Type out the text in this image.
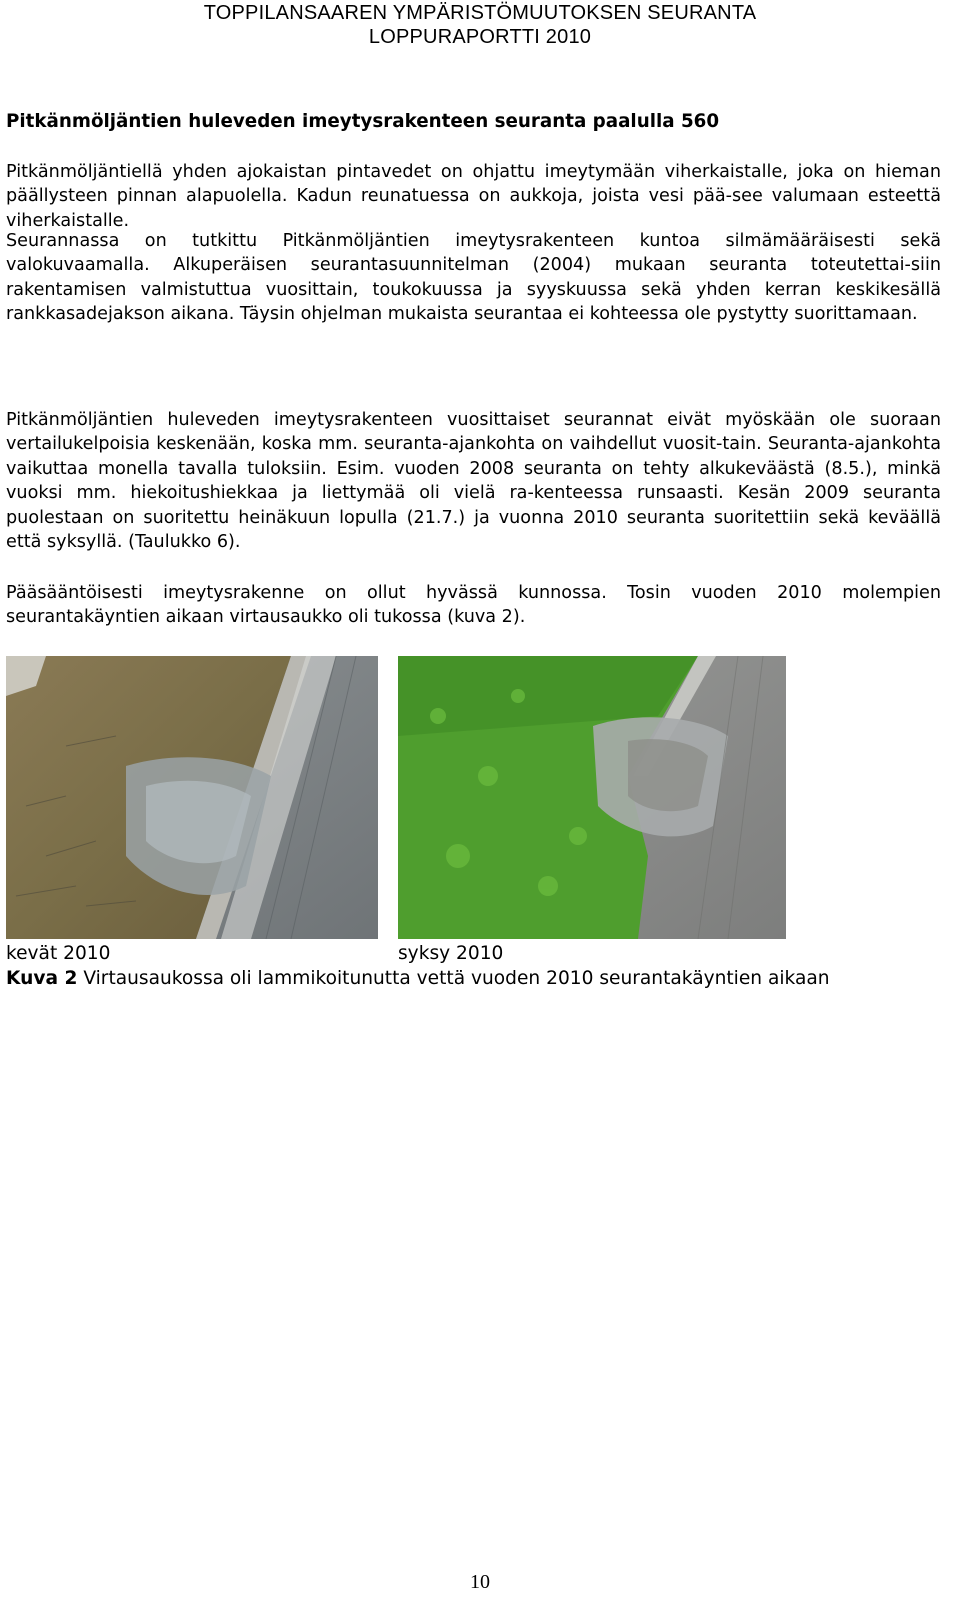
TOPPILANSAAREN YMPÄRISTÖMUUTOKSEN SEURANTA
LOPPURAPORTTI 2010
Pitkänmöljäntien huleveden imeytysrakenteen seuranta paalulla 560

Pitkänmöljäntiellä yhden ajokaistan pintavedet on ohjattu imeytymään viherkaistalle, joka on hieman päällysteen pinnan alapuolella. Kadun reunatuessa on aukkoja, joista vesi pää-see valumaan esteettä viherkaistalle.

Seurannassa on tutkittu Pitkänmöljäntien imeytysrakenteen kuntoa silmämääräisesti sekä valokuvaamalla. Alkuperäisen seurantasuunnitelman (2004) mukaan seuranta toteutettai-siin rakentamisen valmistuttua vuosittain, toukokuussa ja syyskuussa sekä yhden kerran keskikesällä rankkasadejakson aikana. Täysin ohjelman mukaista seurantaa ei kohteessa ole pystytty suorittamaan.

Pitkänmöljäntien huleveden imeytysrakenteen vuosittaiset seurannat eivät myöskään ole suoraan vertailukelpoisia keskenään, koska mm. seuranta-ajankohta on vaihdellut vuosit-tain. Seuranta-ajankohta vaikuttaa monella tavalla tuloksiin. Esim. vuoden 2008 seuranta on tehty alkukeväästä (8.5.), minkä vuoksi mm. hiekoitushiekkaa ja liettymää oli vielä ra-kenteessa runsaasti. Kesän 2009 seuranta puolestaan on suoritettu heinäkuun lopulla (21.7.) ja vuonna 2010 seuranta suoritettiin sekä keväällä että syksyllä. (Taulukko 6).

Pääsääntöisesti imeytysrakenne on ollut hyvässä kunnossa. Tosin vuoden 2010 molempien seurantakäyntien aikaan virtausaukko oli tukossa (kuva 2).

kevät 2010	syksy 2010
Kuva 2 Virtausaukossa oli lammikoitunutta vettä vuoden 2010 seurantakäyntien aikaan
10
